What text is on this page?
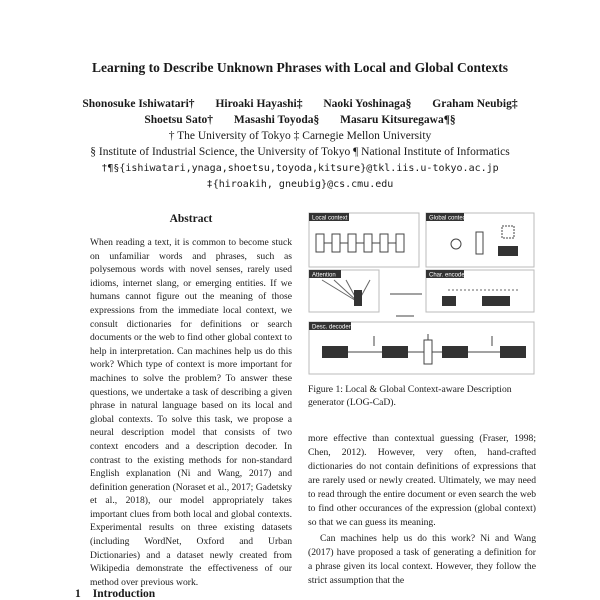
Learning to Describe Unknown Phrases with Local and Global Contexts
Shonosuke Ishiwatari† Hiroaki Hayashi‡ Naoki Yoshinaga§ Graham Neubig‡
Shoetsu Sato† Masashi Toyoda§ Masaru Kitsuregawa¶§
† The University of Tokyo ‡ Carnegie Mellon University
§ Institute of Industrial Science, the University of Tokyo ¶ National Institute of Informatics
†¶§{ishiwatari,ynaga,shoetsu,toyoda,kitsure}@tkl.iis.u-tokyo.ac.jp
‡{hiroakih, gneubig}@cs.cmu.edu
Abstract
When reading a text, it is common to become stuck on unfamiliar words and phrases, such as polysemous words with novel senses, rarely used idioms, internet slang, or emerging entities. If we humans cannot figure out the meaning of those expressions from the immediate local context, we consult dictionaries for definitions or search documents or the web to find other global context to help in interpretation. Can machines help us do this work? Which type of context is more important for machines to solve the problem? To answer these questions, we undertake a task of describing a given phrase in natural language based on its local and global contexts. To solve this task, we propose a neural description model that consists of two context encoders and a description decoder. In contrast to the existing methods for non-standard English explanation (Ni and Wang, 2017) and definition generation (Noraset et al., 2017; Gadetsky et al., 2018), our model appropriately takes important clues from both local and global contexts. Experimental results on three existing datasets (including WordNet, Oxford and Urban Dictionaries) and a dataset newly created from Wikipedia demonstrate the effectiveness of our method over previous work.
1 Introduction
Local context	Global context
Attention	Char. encoder
Desc. decoder
Figure 1: Local & Global Context-aware Description generator (LOG-CaD).

more effective than contextual guessing (Fraser, 1998; Chen, 2012). However, very often, hand-crafted dictionaries do not contain definitions of expressions that are rarely used or newly created. Ultimately, we may need to read through the entire document or even search the web to find other occurances of the expression (global context) so that we can guess its meaning.

Can machines help us do this work? Ni and Wang (2017) have proposed a task of generating a definition for a phrase given its local context. However, they follow the strict assumption that the
